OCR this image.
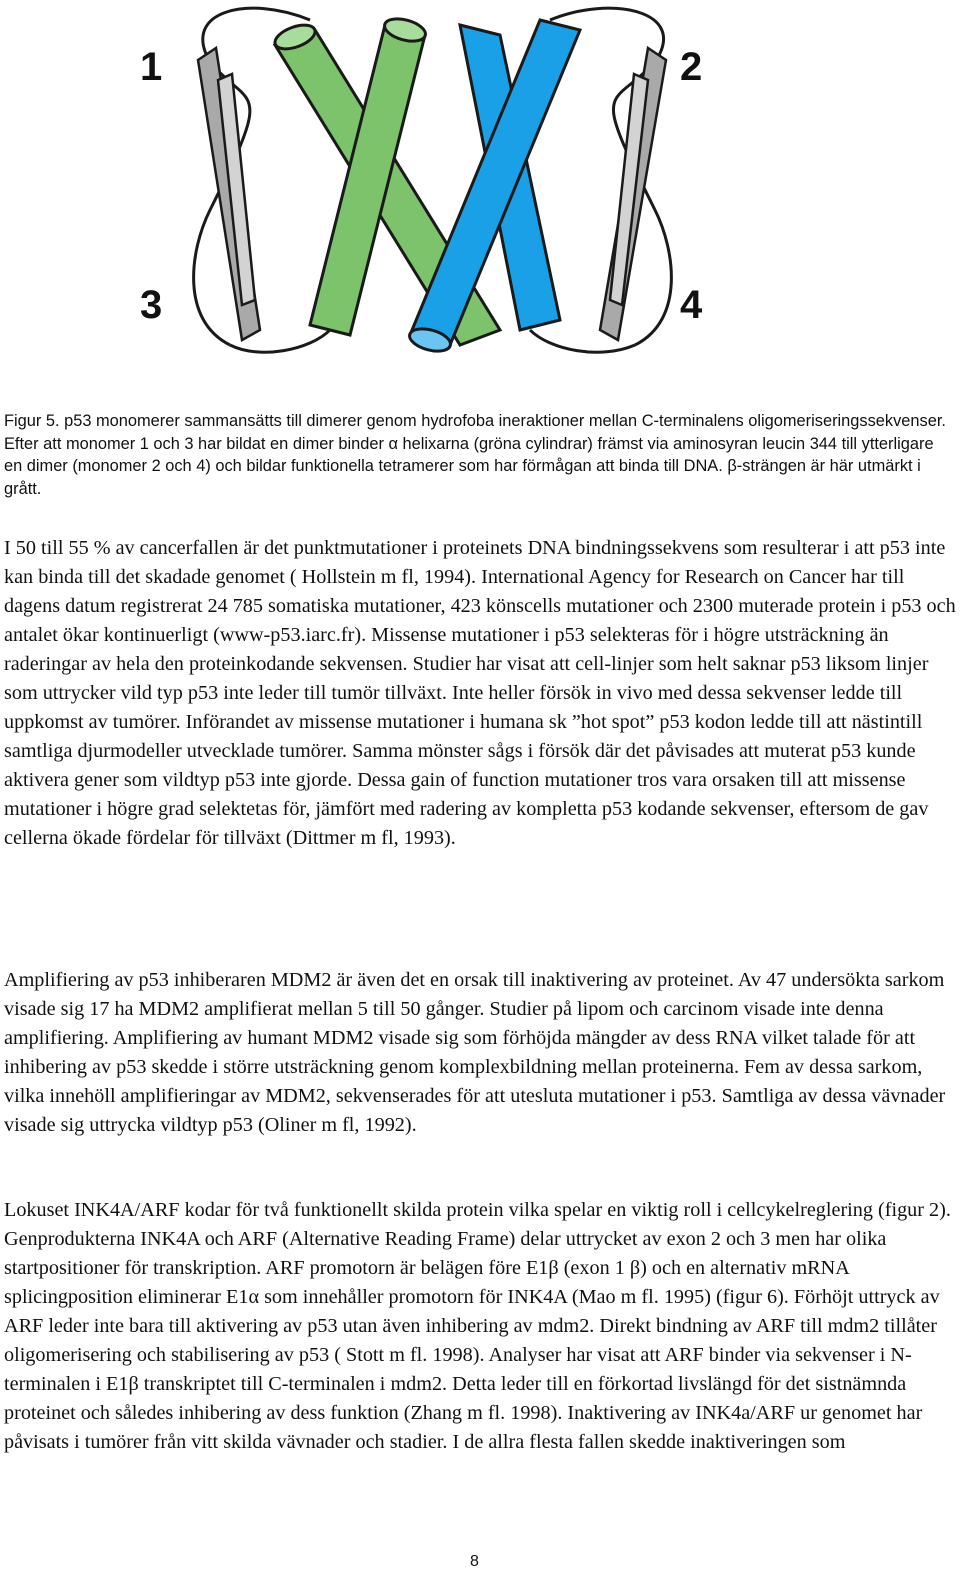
1	2
3	4

Figur 5. p53 monomerer sammansätts till dimerer genom hydrofoba ineraktioner mellan C-terminalens oligomeriseringssekvenser. Efter att monomer 1 och 3 har bildat en dimer binder α helixarna (gröna cylindrar) främst via aminosyran leucin 344 till ytterligare en dimer (monomer 2 och 4) och bildar funktionella tetramerer som har förmågan att binda till DNA. β-strängen är här utmärkt i grått.

I 50 till 55 % av cancerfallen är det punktmutationer i proteinets DNA bindningssekvens som resulterar i att p53 inte kan binda till det skadade genomet ( Hollstein m fl, 1994). International Agency for Research on Cancer har till dagens datum registrerat 24 785 somatiska mutationer, 423 könscells mutationer och 2300 muterade protein i p53 och antalet ökar kontinuerligt (www-p53.iarc.fr). Missense mutationer i p53 selekteras för i högre utsträckning än raderingar av hela den proteinkodande sekvensen. Studier har visat att cell-linjer som helt saknar p53 liksom linjer som uttrycker vild typ p53 inte leder till tumör tillväxt. Inte heller försök in vivo med dessa sekvenser ledde till uppkomst av tumörer. Införandet av missense mutationer i humana sk ”hot spot” p53 kodon ledde till att nästintill samtliga djurmodeller utvecklade tumörer. Samma mönster sågs i försök där det påvisades att muterat p53 kunde aktivera gener som vildtyp p53 inte gjorde. Dessa gain of function mutationer tros vara orsaken till att missense mutationer i högre grad selektetas för, jämfört med radering av kompletta p53 kodande sekvenser, eftersom de gav cellerna ökade fördelar för tillväxt (Dittmer m fl, 1993).

Amplifiering av p53 inhiberaren MDM2 är även det en orsak till inaktivering av proteinet. Av 47 undersökta sarkom visade sig 17 ha MDM2 amplifierat mellan 5 till 50 gånger. Studier på lipom och carcinom visade inte denna amplifiering. Amplifiering av humant MDM2 visade sig som förhöjda mängder av dess RNA vilket talade för att inhibering av p53 skedde i större utsträckning genom komplexbildning mellan proteinerna. Fem av dessa sarkom, vilka innehöll amplifieringar av MDM2, sekvenserades för att utesluta mutationer i p53. Samtliga av dessa vävnader visade sig uttrycka vildtyp p53 (Oliner m fl, 1992).

Lokuset INK4A/ARF kodar för två funktionellt skilda protein vilka spelar en viktig roll i cellcykelreglering (figur 2). Genprodukterna INK4A och ARF (Alternative Reading Frame) delar uttrycket av exon 2 och 3 men har olika startpositioner för transkription. ARF promotorn är belägen före E1β (exon 1 β) och en alternativ mRNA splicingposition eliminerar E1α som innehåller promotorn för INK4A (Mao m fl. 1995) (figur 6). Förhöjt uttryck av ARF leder inte bara till aktivering av p53 utan även inhibering av mdm2. Direkt bindning av ARF till mdm2 tillåter oligomerisering och stabilisering av p53 ( Stott m fl. 1998). Analyser har visat att ARF binder via sekvenser i N-terminalen i E1β transkriptet till C-terminalen i mdm2. Detta leder till en förkortad livslängd för det sistnämnda proteinet och således inhibering av dess funktion (Zhang m fl. 1998). Inaktivering av INK4a/ARF ur genomet har påvisats i tumörer från vitt skilda vävnader och stadier. I de allra flesta fallen skedde inaktiveringen som

8
